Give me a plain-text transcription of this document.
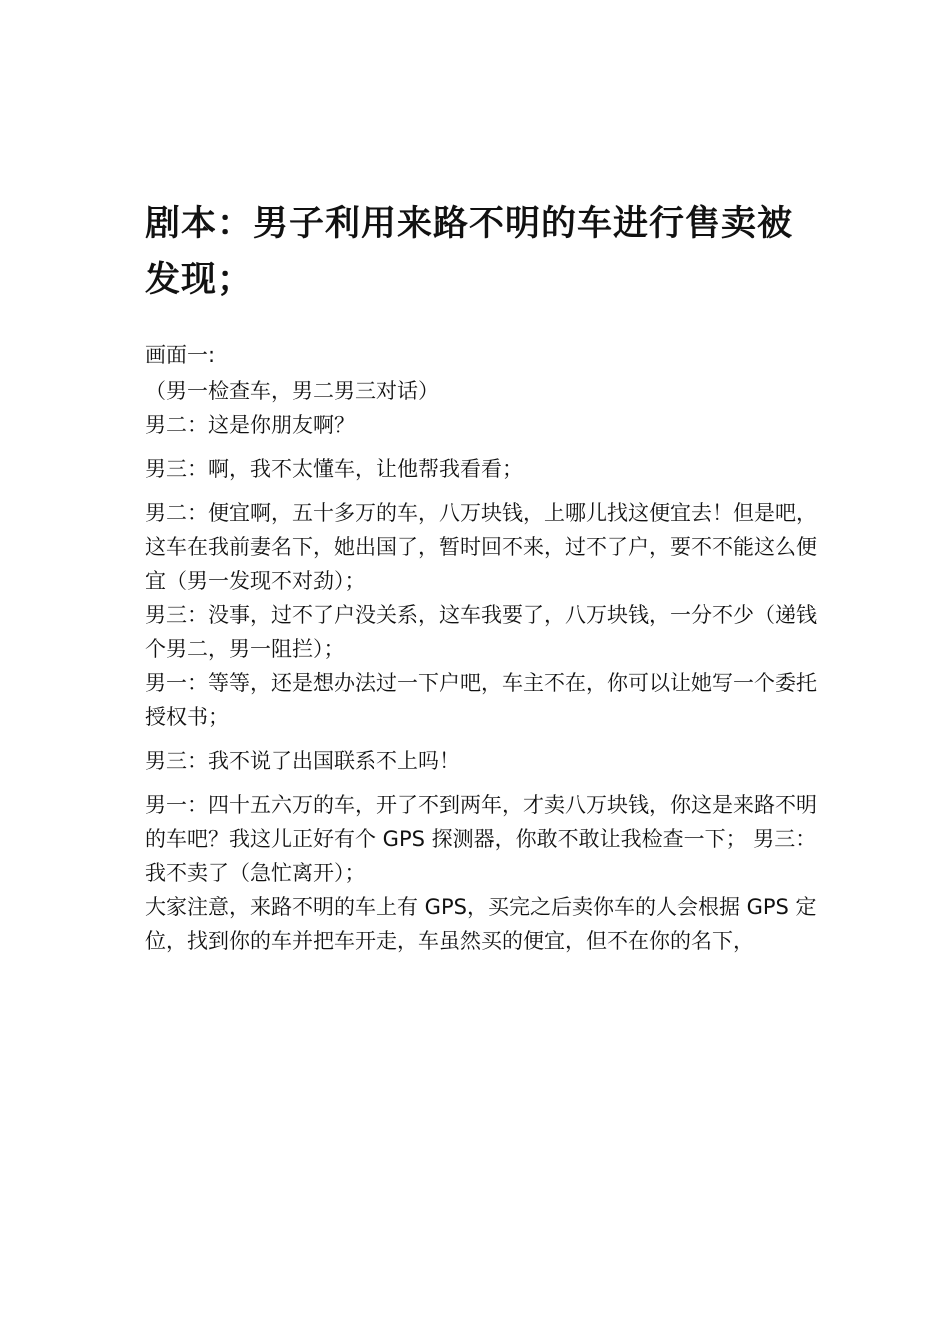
剧本：男子利用来路不明的车进行售卖被发现；

画面一:

（男一检查车，男二男三对话）

男二：这是你朋友啊？

男三：啊，我不太懂车，让他帮我看看；

男二：便宜啊，五十多万的车，八万块钱，上哪儿找这便宜去！但是吧，这车在我前妻名下，她出国了，暂时回不来，过不了户，要不不能这么便宜（男一发现不对劲）；

男三：没事，过不了户没关系，这车我要了，八万块钱，一分不少（递钱个男二，男一阻拦）；

男一：等等，还是想办法过一下户吧，车主不在，你可以让她写一个委托授权书；

男三：我不说了出国联系不上吗！

男一：四十五六万的车，开了不到两年，才卖八万块钱，你这是来路不明的车吧？我这儿正好有个 GPS 探测器，你敢不敢让我检查一下； 男三：我不卖了（急忙离开）；

大家注意，来路不明的车上有 GPS，买完之后卖你车的人会根据 GPS 定位，找到你的车并把车开走，车虽然买的便宜，但不在你的名下，
